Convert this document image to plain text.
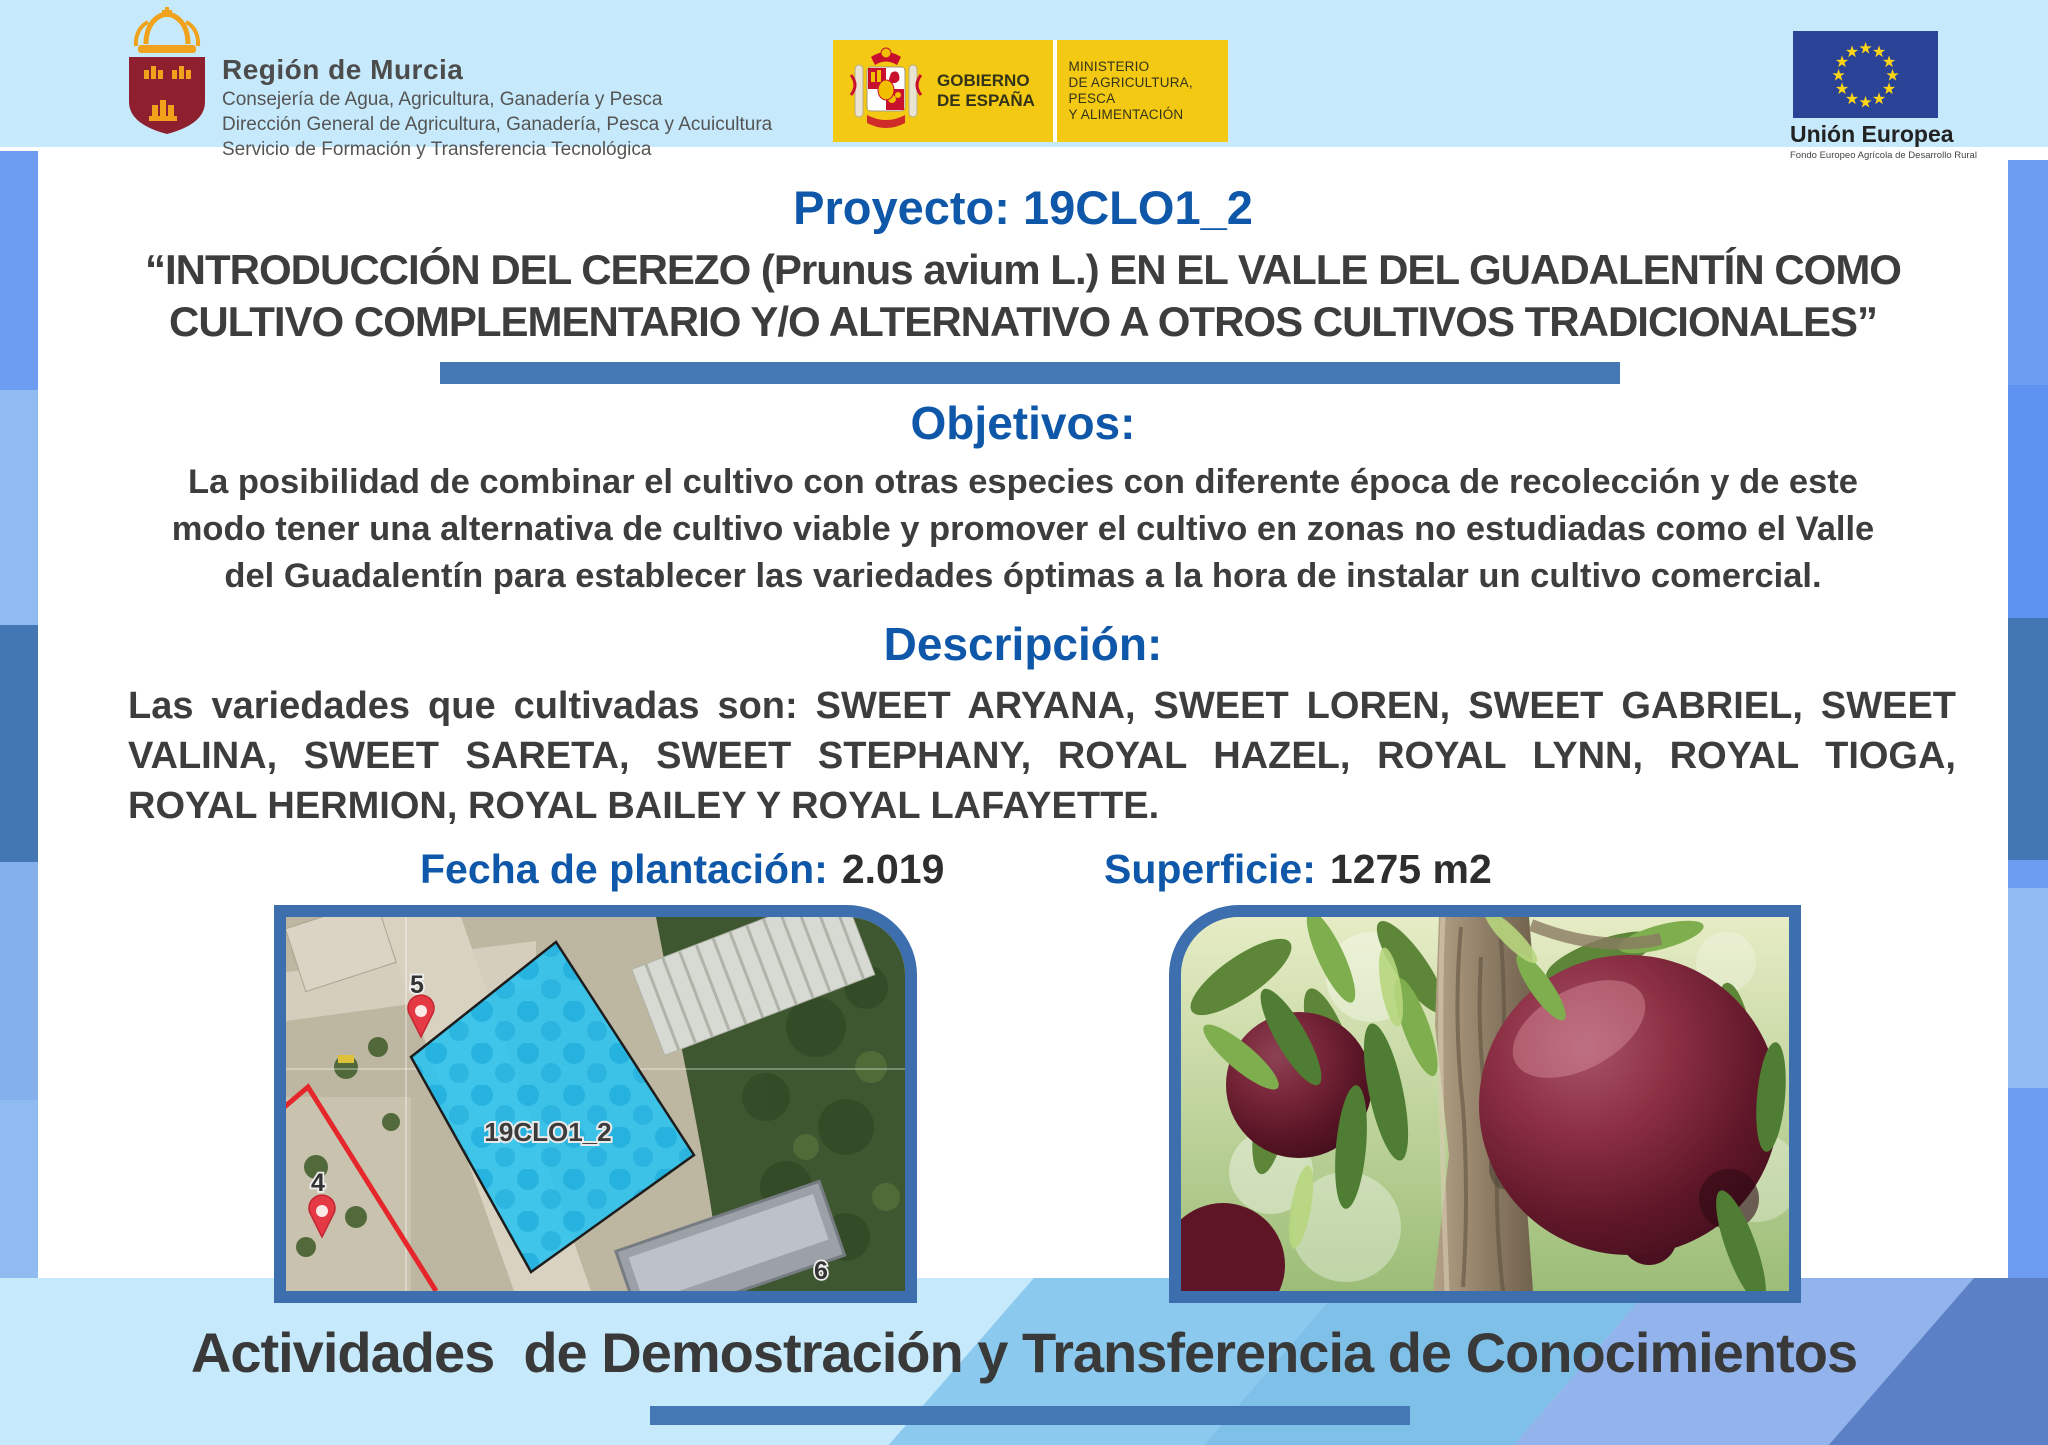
Región de Murcia
Consejería de Agua, Agricultura, Ganadería y Pesca
Dirección General de Agricultura, Ganadería, Pesca y Acuicultura
Servicio de Formación y Transferencia Tecnológica
GOBIERNO
DE ESPAÑA
MINISTERIO
DE AGRICULTURA, PESCA
Y ALIMENTACIÓN
★ ★
★
★
★
★
★
★
★
★
★
★
Unión Europea
Fondo Europeo Agrícola de Desarrollo Rural
Proyecto: 19CLO1_2
“INTRODUCCIÓN DEL CEREZO (Prunus avium L.) EN EL VALLE DEL GUADALENTÍN COMO
CULTIVO COMPLEMENTARIO Y/O ALTERNATIVO A OTROS CULTIVOS TRADICIONALES”
Objetivos:
La posibilidad de combinar el cultivo con otras especies con diferente época de recolección y de este
modo tener una alternativa de cultivo viable y promover el cultivo en zonas no estudiadas como el Valle
del Guadalentín para establecer las variedades óptimas a la hora de instalar un cultivo comercial.
Descripción:
Las variedades que cultivadas son: SWEET ARYANA, SWEET LOREN, SWEET GABRIEL, SWEET
VALINA, SWEET SARETA, SWEET STEPHANY, ROYAL HAZEL, ROYAL LYNN, ROYAL TIOGA,
ROYAL HERMION, ROYAL BAILEY Y ROYAL LAFAYETTE.
Fecha de plantación: 2.019	Superficie: 1275 m2
19CLO1_2
5
4
6
Actividades  de Demostración y Transferencia de Conocimientos
